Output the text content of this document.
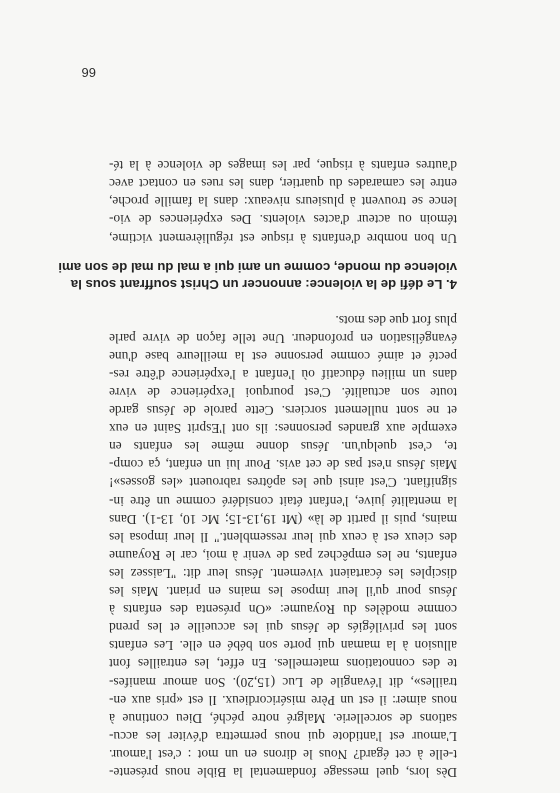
Dès lors, quel message fondamental la Bible nous présente-
t-elle à cet égard? Nous le dirons en un mot : c'est l'amour.
L'amour est l'antidote qui nous permettra d'éviter les accu-
sations de sorcellerie. Malgré notre péché, Dieu continue à
nous aimer: il est un Père miséricordieux. Il est «pris aux en-
trailles», dit l'évangile de Luc (15,20). Son amour manifes-
te des connotations maternelles. En effet, les entrailles font
allusion à la maman qui porte son bébé en elle. Les enfants
sont les privilégiés de Jésus qui les accueille et les prend
comme modèles du Royaume: «On présenta des enfants à
Jésus pour qu'il leur impose les mains en priant. Mais les
disciples les écartaient vivement. Jésus leur dit: "Laissez les
enfants, ne les empêchez pas de venir à moi, car le Royaume
des cieux est à ceux qui leur ressemblent." Il leur imposa les
mains, puis il partit de là» (Mt 19,13-15; Mc 10, 13-1). Dans
la mentalité juive, l'enfant était considéré comme un être in-
signifiant. C'est ainsi que les apôtres rabrouent «les gosses»!
Mais Jésus n'est pas de cet avis. Pour lui un enfant, ça comp-
te, c'est quelqu'un. Jésus donne même les enfants en
exemple aux grandes personnes: ils ont l'Esprit Saint en eux
et ne sont nullement sorciers. Cette parole de Jésus garde
toute son actualité. C'est pourquoi l'expérience de vivre
dans un milieu éducatif où l'enfant a l'expérience d'être res-
pecté et aimé comme personne est la meilleure base d'une
évangélisation en profondeur. Une telle façon de vivre parle
plus fort que des mots.
4. Le défi de la violence: annoncer un Christ souffrant sous la
violence du monde, comme un ami qui a mal du mal de son ami
Un bon nombre d'enfants à risque est régulièrement victime,
témoin ou acteur d'actes violents. Des expériences de vio-
lence se trouvent à plusieurs niveaux: dans la famille proche,
entre les camarades du quartier, dans les rues en contact avec
d'autres enfants à risque, par les images de violence à la té-
66
